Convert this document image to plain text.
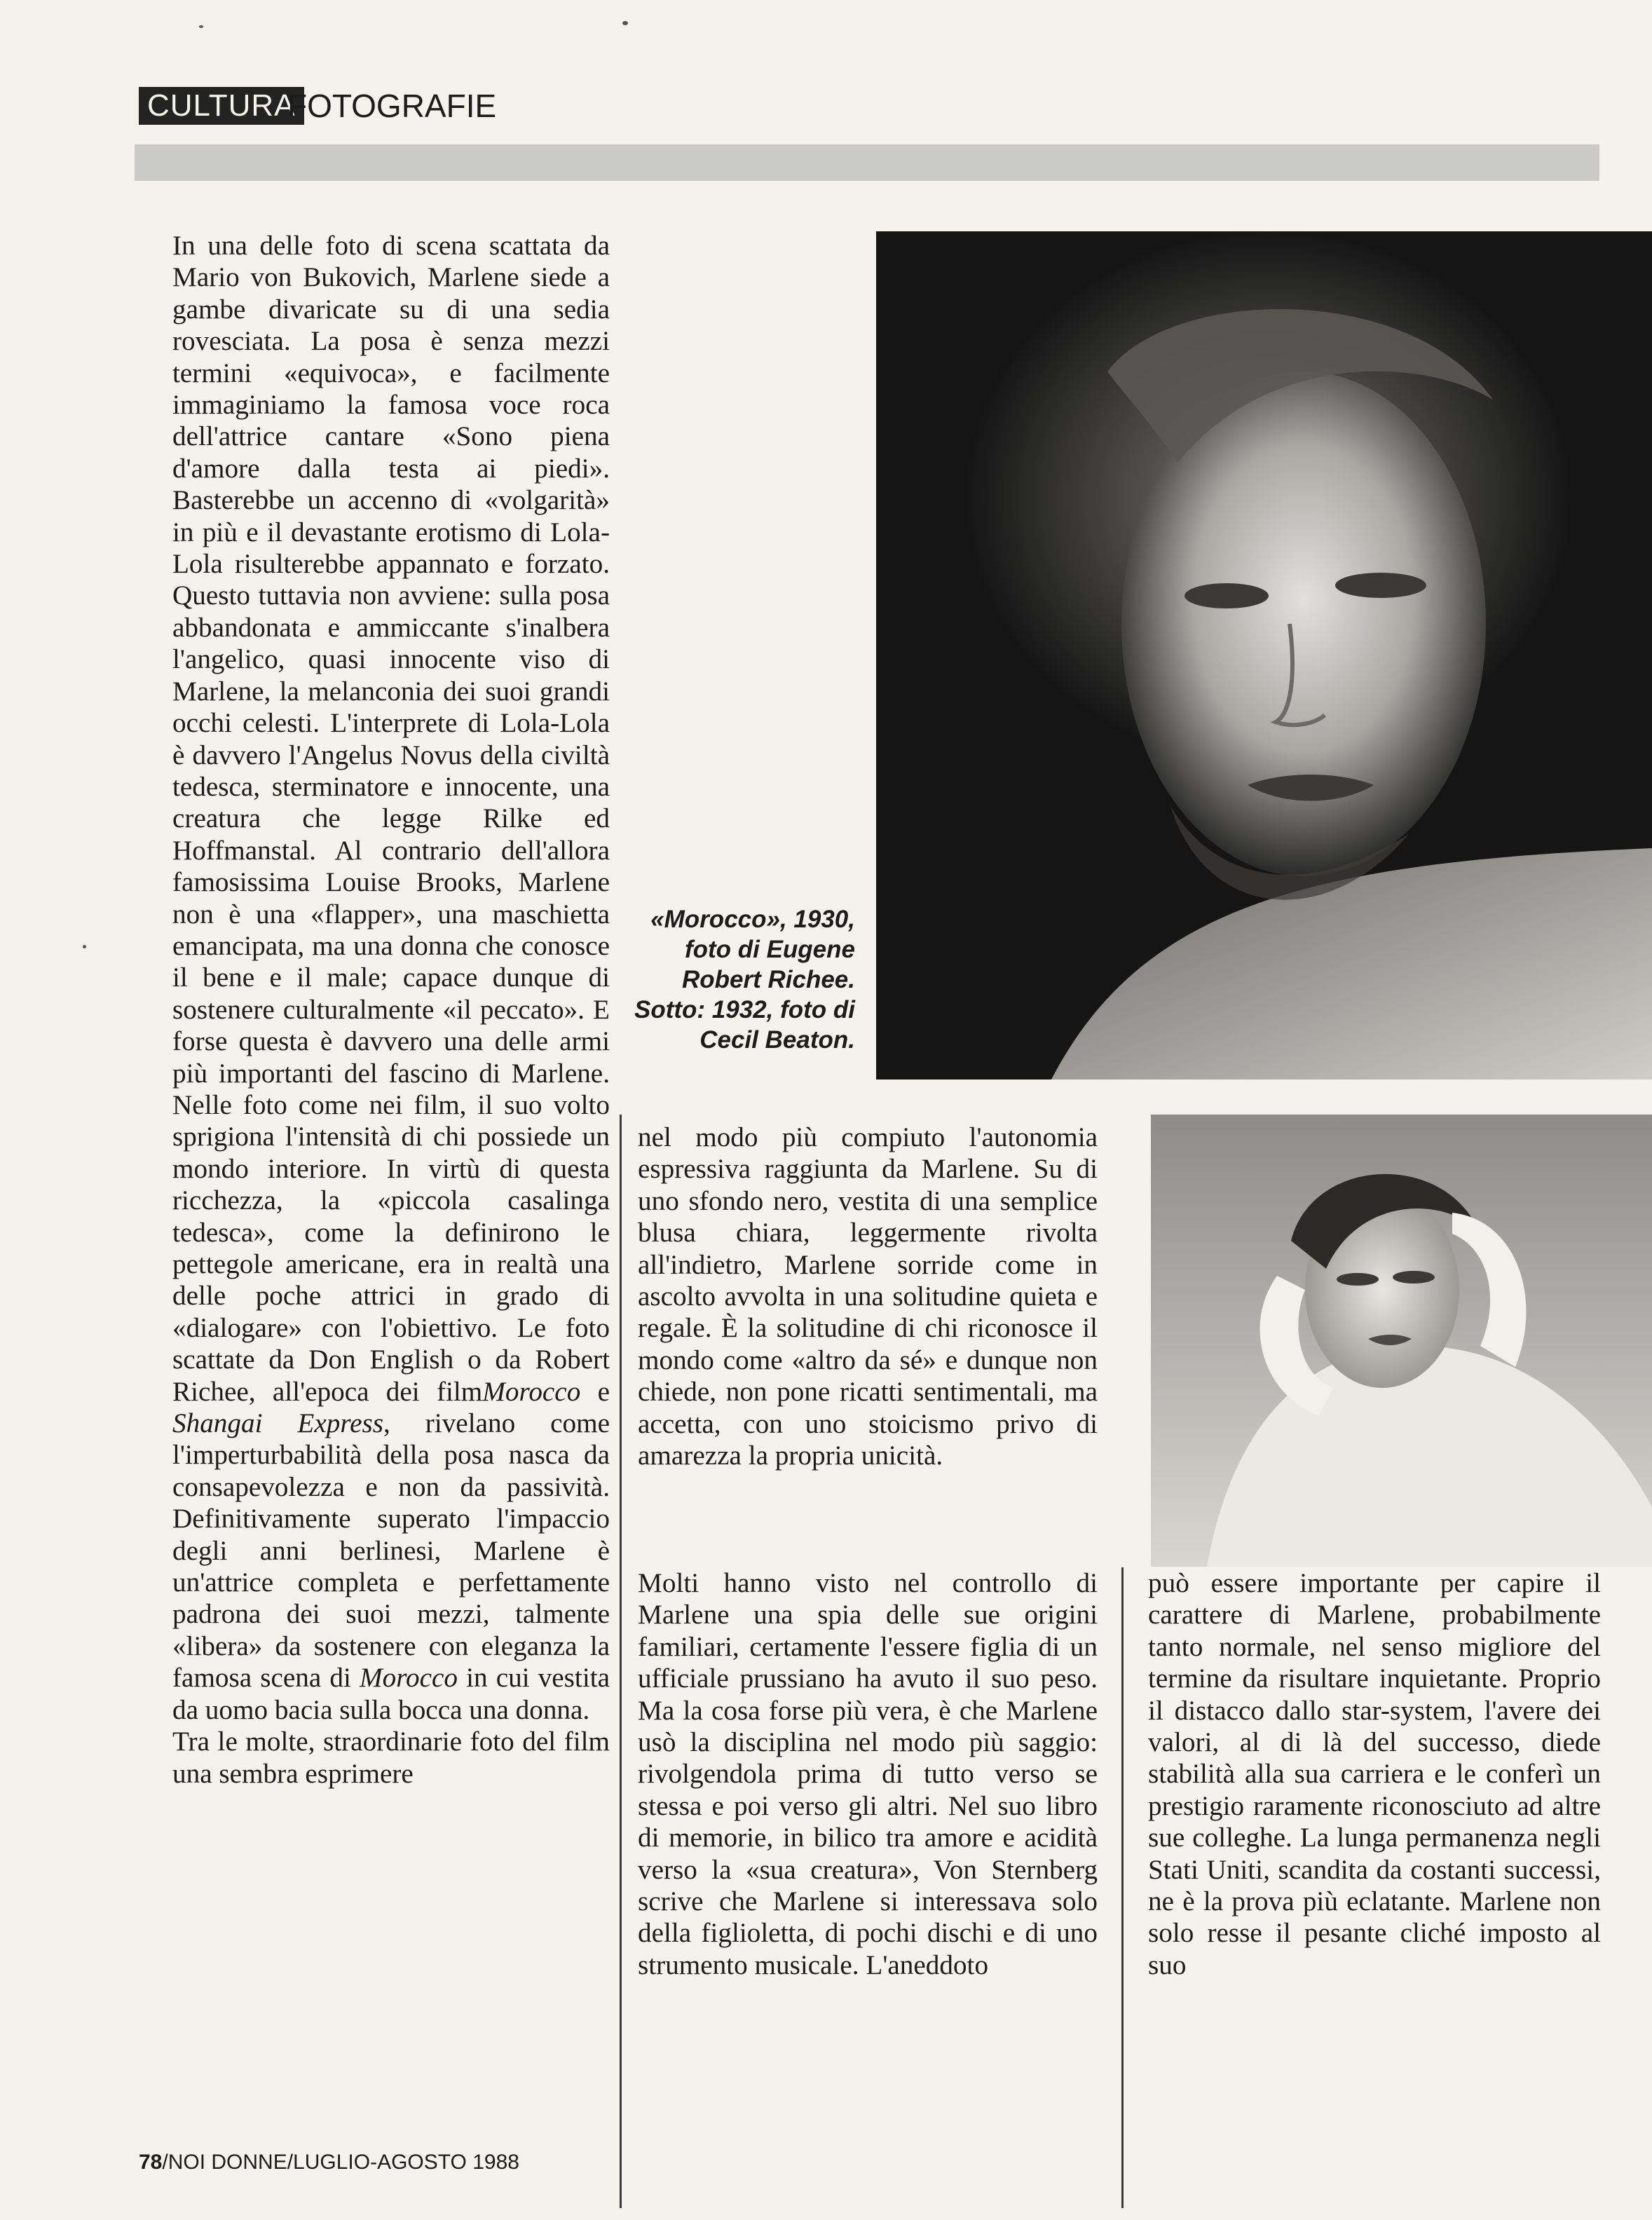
CULTURA
FOTOGRAFIE

In una delle foto di scena scattata da Mario von Bukovich, Marlene siede a gambe divaricate su di una sedia rovesciata. La posa è senza mezzi termini «equivoca», e facilmente immaginiamo la famosa voce roca dell'attrice cantare «Sono piena d'amore dalla testa ai piedi». Basterebbe un accenno di «volgarità» in più e il devastante erotismo di Lola-Lola risulterebbe appannato e forzato. Questo tuttavia non avviene: sulla posa abbandonata e ammiccante s'inalbera l'angelico, quasi innocente viso di Marlene, la melanconia dei suoi grandi occhi celesti. L'interprete di Lola-Lola è davvero l'Angelus Novus della civiltà tedesca, sterminatore e innocente, una creatura che legge Rilke ed Hoffmanstal. Al contrario dell'allora famosissima Louise Brooks, Marlene non è una «flapper», una maschietta emancipata, ma una donna che conosce il bene e il male; capace dunque di sostenere culturalmente «il peccato». E forse questa è davvero una delle armi più importanti del fascino di Marlene. Nelle foto come nei film, il suo volto sprigiona l'intensità di chi possiede un mondo interiore. In virtù di questa ricchezza, la «piccola casalinga tedesca», come la definirono le pettegole americane, era in realtà una delle poche attrici in grado di «dialogare» con l'obiettivo. Le foto scattate da Don English o da Robert Richee, all'epoca dei filmMorocco e Shangai Express, rivelano come l'imperturbabilità della posa nasca da consapevolezza e non da passività. Definitivamente superato l'impaccio degli anni berlinesi, Marlene è un'attrice completa e perfettamente padrona dei suoi mezzi, talmente «libera» da sostenere con eleganza la famosa scena di Morocco in cui vestita da uomo bacia sulla bocca una donna.

Tra le molte, straordinarie foto del film una sembra esprimere

«Morocco», 1930, foto di Eugene Robert Richee. Sotto: 1932, foto di Cecil Beaton.

nel modo più compiuto l'autonomia espressiva raggiunta da Marlene. Su di uno sfondo nero, vestita di una semplice blusa chiara, leggermente rivolta all'indietro, Marlene sorride come in ascolto avvolta in una solitudine quieta e regale. È la solitudine di chi riconosce il mondo come «altro da sé» e dunque non chiede, non pone ricatti sentimentali, ma accetta, con uno stoicismo privo di amarezza la propria unicità.

Molti hanno visto nel controllo di Marlene una spia delle sue origini familiari, certamente l'essere figlia di un ufficiale prussiano ha avuto il suo peso. Ma la cosa forse più vera, è che Marlene usò la disciplina nel modo più saggio: rivolgendola prima di tutto verso se stessa e poi verso gli altri. Nel suo libro di memorie, in bilico tra amore e acidità verso la «sua creatura», Von Sternberg scrive che Marlene si interessava solo della figlioletta, di pochi dischi e di uno strumento musicale. L'aneddoto

può essere importante per capire il carattere di Marlene, probabilmente tanto normale, nel senso migliore del termine da risultare inquietante. Proprio il distacco dallo star-system, l'avere dei valori, al di là del successo, diede stabilità alla sua carriera e le conferì un prestigio raramente riconosciuto ad altre sue colleghe. La lunga permanenza negli Stati Uniti, scandita da costanti successi, ne è la prova più eclatante. Marlene non solo resse il pesante cliché imposto al suo

78/NOI DONNE/LUGLIO-AGOSTO 1988
